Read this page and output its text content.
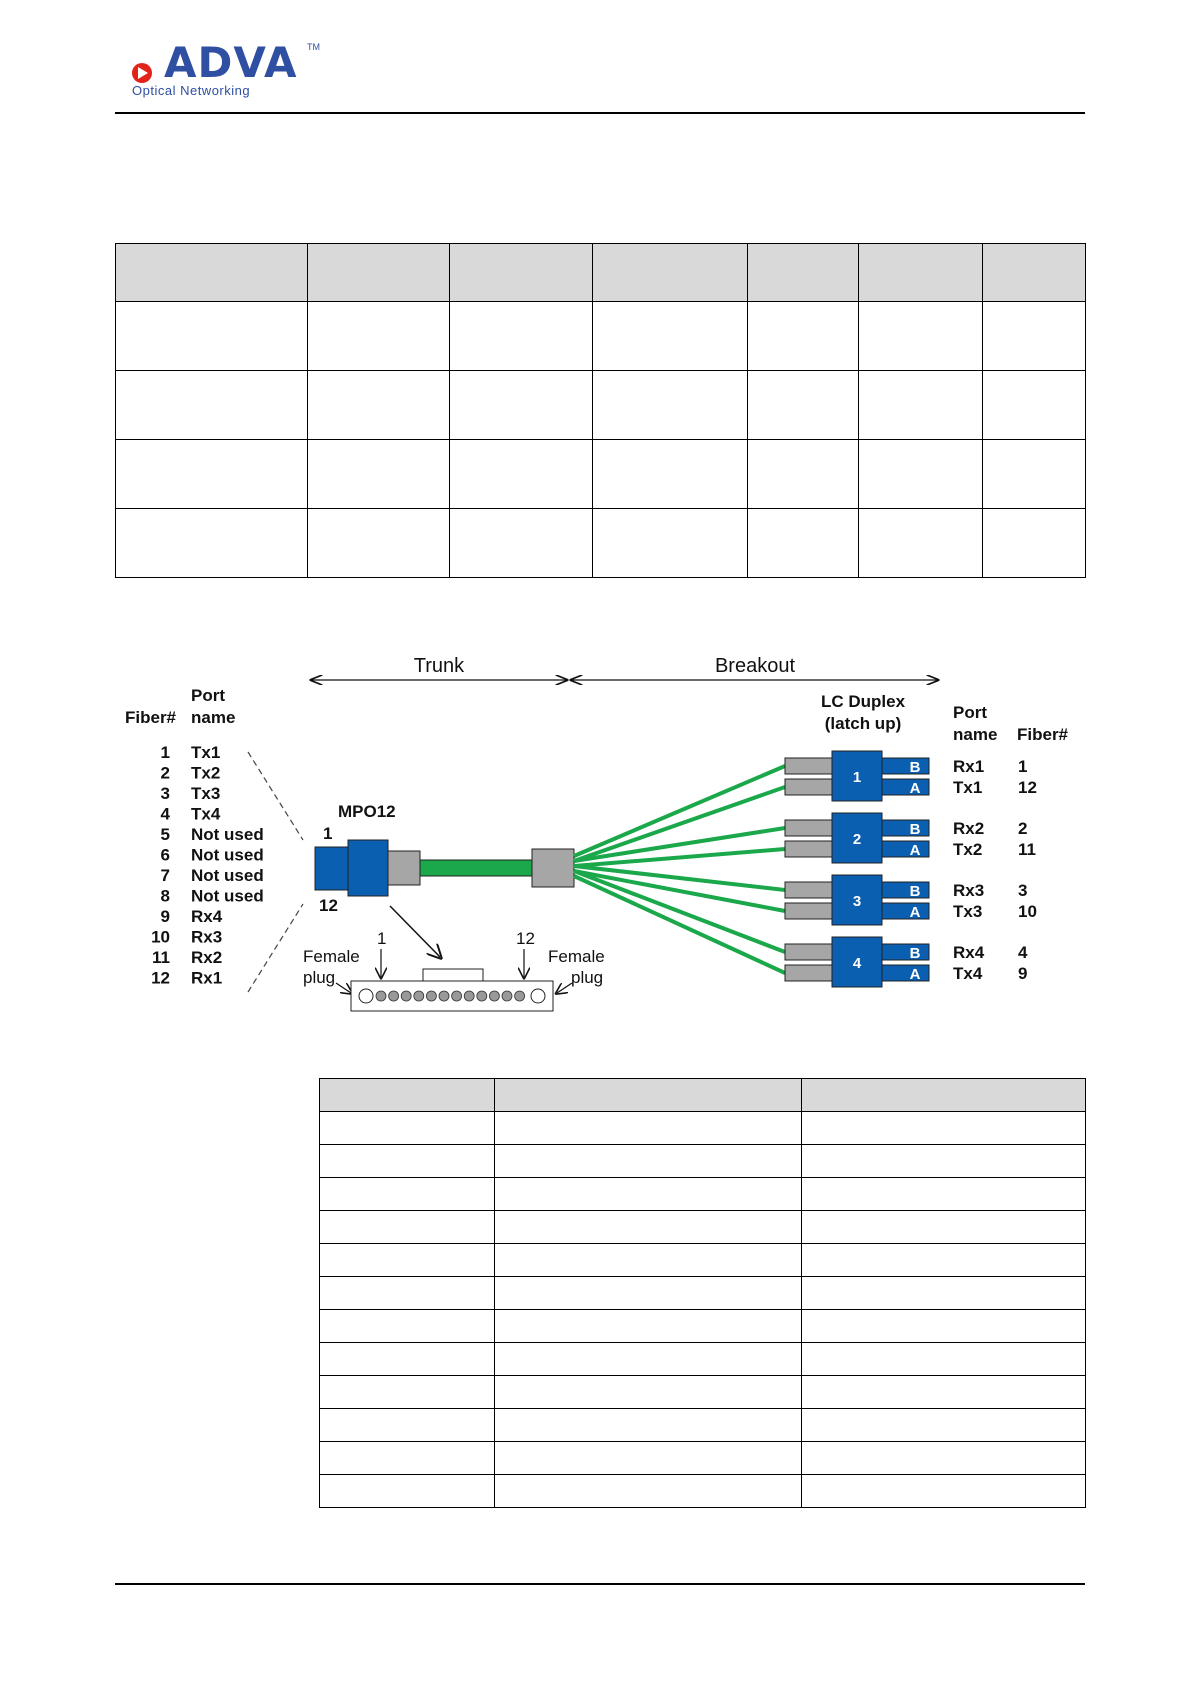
ADVA TM
Optical Networking

Trunk	Breakout
Port
Fiber# name
1 Tx1
2 Tx2
3 Tx3
4 Tx4
5 Not used
6 Not used
7 Not used
8 Not used
9 Rx4
10 Rx3
11 Rx2
12 Rx1
MPO12
1
12
Female
plug
Female
plug
1	12
1
B
A
Rx1 1
Tx1 12
2
B
A
Rx2 2
Tx2 11
3
B
A
Rx3 3
Tx3 10
4
B
A
Rx4 4
Tx4 9
LC Duplex
(latch up)
Port
name Fiber#
